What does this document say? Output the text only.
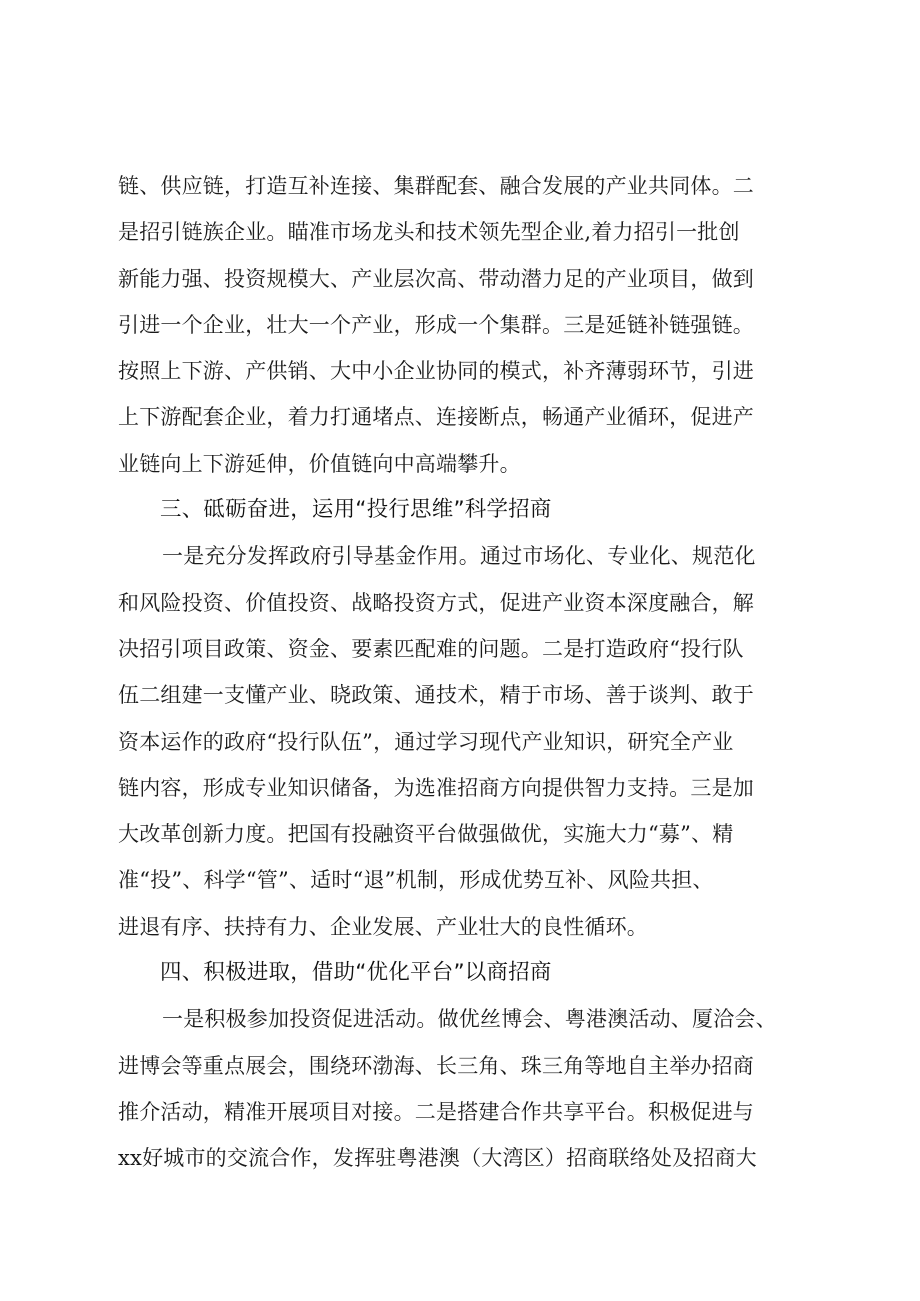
链、供应链，打造互补连接、集群配套、融合发展的产业共同体。二
是招引链族企业。瞄准市场龙头和技术领先型企业,着力招引一批创
新能力强、投资规模大、产业层次高、带动潜力足的产业项目，做到
引进一个企业，壮大一个产业，形成一个集群。三是延链补链强链。
按照上下游、产供销、大中小企业协同的模式，补齐薄弱环节，引进
上下游配套企业，着力打通堵点、连接断点，畅通产业循环，促进产
业链向上下游延伸，价值链向中高端攀升。
三、砥砺奋进，运用“投行思维”科学招商
一是充分发挥政府引导基金作用。通过市场化、专业化、规范化
和风险投资、价值投资、战略投资方式，促进产业资本深度融合，解
决招引项目政策、资金、要素匹配难的问题。二是打造政府“投行队
伍二组建一支懂产业、晓政策、通技术，精于市场、善于谈判、敢于
资本运作的政府“投行队伍”，通过学习现代产业知识，研究全产业
链内容，形成专业知识储备，为选准招商方向提供智力支持。三是加
大改革创新力度。把国有投融资平台做强做优，实施大力“募”、精
准“投”、科学“管”、适时“退”机制，形成优势互补、风险共担、
进退有序、扶持有力、企业发展、产业壮大的良性循环。
四、积极进取，借助“优化平台”以商招商
一是积极参加投资促进活动。做优丝博会、粤港澳活动、厦洽会、
进博会等重点展会，围绕环渤海、长三角、珠三角等地自主举办招商
推介活动，精准开展项目对接。二是搭建合作共享平台。积极促进与
xx好城市的交流合作，发挥驻粤港澳（大湾区）招商联络处及招商大
